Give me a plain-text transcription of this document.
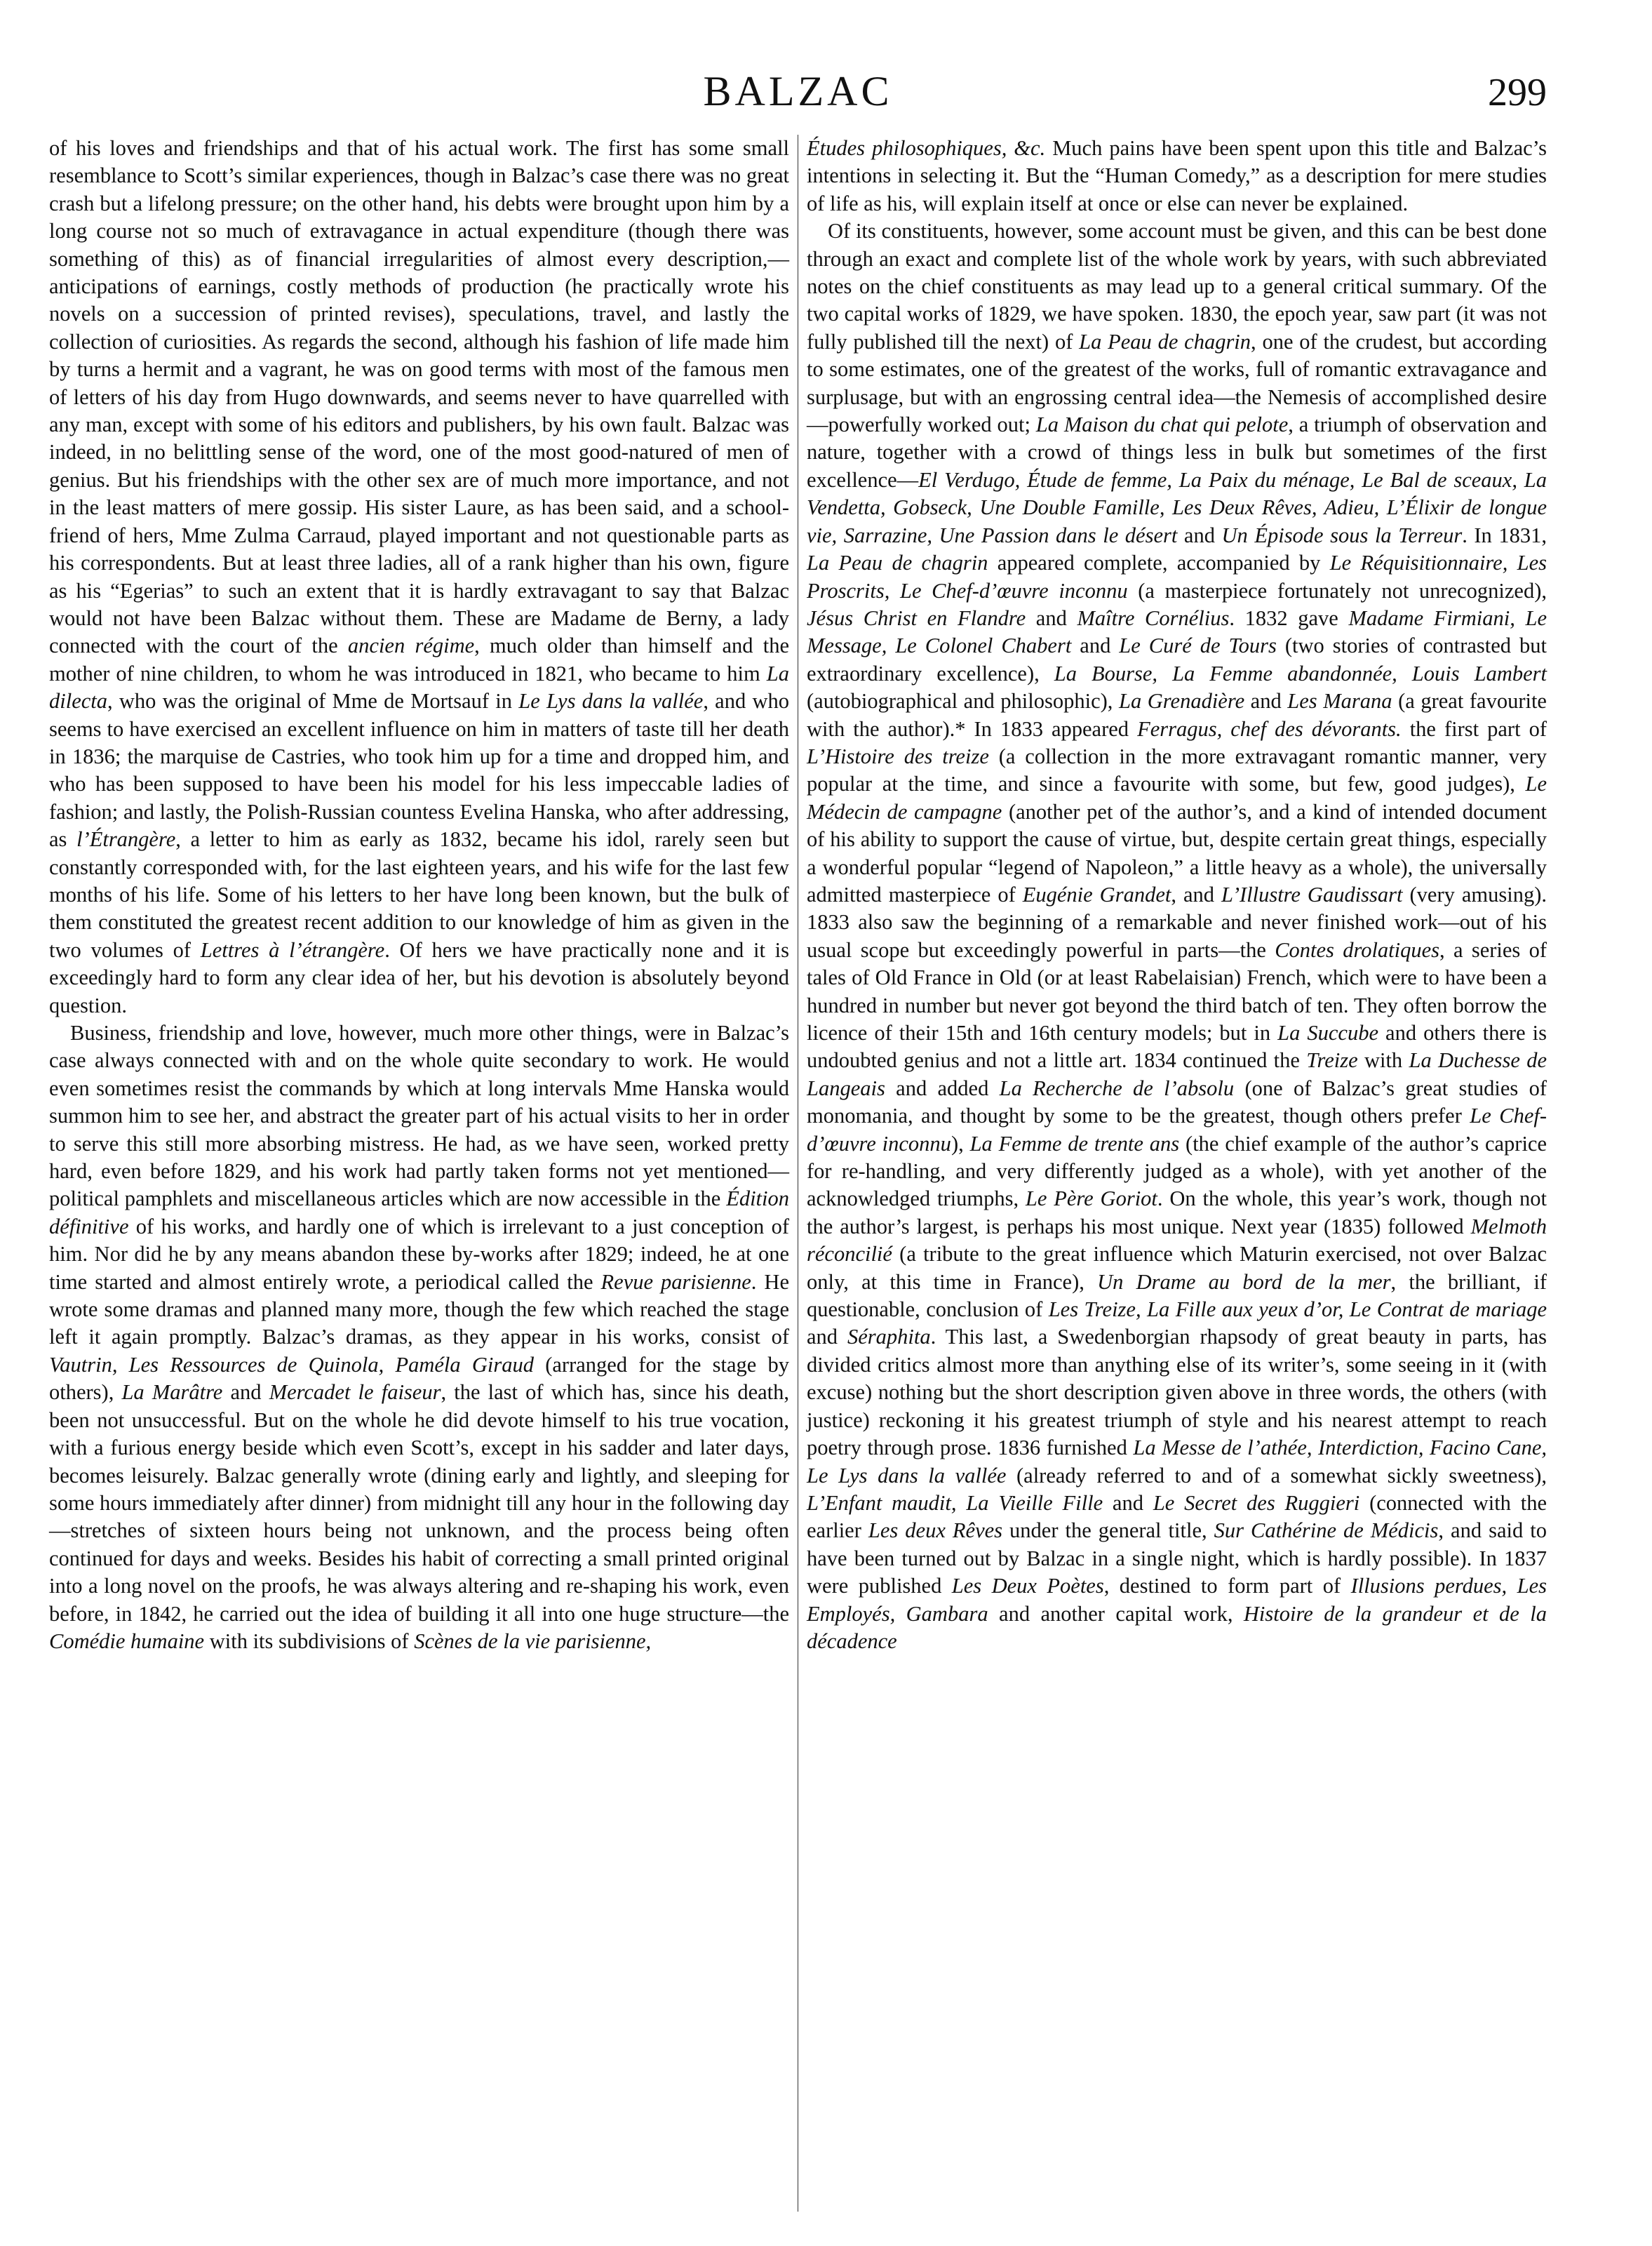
BALZAC	299

of his loves and friendships and that of his actual work. The first has some small resemblance to Scott’s similar experiences, though in Balzac’s case there was no great crash but a lifelong pressure; on the other hand, his debts were brought upon him by a long course not so much of extravagance in actual expenditure (though there was something of this) as of financial irregularities of almost every description,—anticipations of earnings, costly methods of production (he practically wrote his novels on a succession of printed revises), speculations, travel, and lastly the collection of curiosities. As regards the second, although his fashion of life made him by turns a hermit and a vagrant, he was on good terms with most of the famous men of letters of his day from Hugo downwards, and seems never to have quarrelled with any man, except with some of his editors and publishers, by his own fault. Balzac was indeed, in no belittling sense of the word, one of the most good-natured of men of genius. But his friendships with the other sex are of much more importance, and not in the least matters of mere gossip. His sister Laure, as has been said, and a school-friend of hers, Mme Zulma Carraud, played important and not questionable parts as his correspondents. But at least three ladies, all of a rank higher than his own, figure as his “Egerias” to such an extent that it is hardly extravagant to say that Balzac would not have been Balzac without them. These are Madame de Berny, a lady connected with the court of the ancien régime, much older than himself and the mother of nine children, to whom he was introduced in 1821, who became to him La dilecta, who was the original of Mme de Mortsauf in Le Lys dans la vallée, and who seems to have exercised an excellent influence on him in matters of taste till her death in 1836; the marquise de Castries, who took him up for a time and dropped him, and who has been supposed to have been his model for his less impeccable ladies of fashion; and lastly, the Polish-Russian countess Evelina Hanska, who after addressing, as l’Étrangère, a letter to him as early as 1832, became his idol, rarely seen but constantly corresponded with, for the last eighteen years, and his wife for the last few months of his life. Some of his letters to her have long been known, but the bulk of them constituted the greatest recent addition to our knowledge of him as given in the two volumes of Lettres à l’étrangère. Of hers we have practically none and it is exceedingly hard to form any clear idea of her, but his devotion is absolutely beyond question.

Business, friendship and love, however, much more other things, were in Balzac’s case always connected with and on the whole quite secondary to work. He would even sometimes resist the commands by which at long intervals Mme Hanska would summon him to see her, and abstract the greater part of his actual visits to her in order to serve this still more absorbing mistress. He had, as we have seen, worked pretty hard, even before 1829, and his work had partly taken forms not yet mentioned—political pamphlets and miscellaneous articles which are now accessible in the Édition définitive of his works, and hardly one of which is irrelevant to a just conception of him. Nor did he by any means abandon these by-works after 1829; indeed, he at one time started and almost entirely wrote, a periodical called the Revue parisienne. He wrote some dramas and planned many more, though the few which reached the stage left it again promptly. Balzac’s dramas, as they appear in his works, consist of Vautrin, Les Ressources de Quinola, Paméla Giraud (arranged for the stage by others), La Marâtre and Mercadet le faiseur, the last of which has, since his death, been not unsuccessful. But on the whole he did devote himself to his true vocation, with a furious energy beside which even Scott’s, except in his sadder and later days, becomes leisurely. Balzac generally wrote (dining early and lightly, and sleeping for some hours immediately after dinner) from midnight till any hour in the following day—stretches of sixteen hours being not unknown, and the process being often continued for days and weeks. Besides his habit of correcting a small printed original into a long novel on the proofs, he was always altering and re-shaping his work, even before, in 1842, he carried out the idea of building it all into one huge structure—the Comédie humaine with its subdivisions of Scènes de la vie parisienne,

Études philosophiques, &c. Much pains have been spent upon this title and Balzac’s intentions in selecting it. But the “Human Comedy,” as a description for mere studies of life as his, will explain itself at once or else can never be explained.

Of its constituents, however, some account must be given, and this can be best done through an exact and complete list of the whole work by years, with such abbreviated notes on the chief constituents as may lead up to a general critical summary. Of the two capital works of 1829, we have spoken. 1830, the epoch year, saw part (it was not fully published till the next) of La Peau de chagrin, one of the crudest, but according to some estimates, one of the greatest of the works, full of romantic extravagance and surplusage, but with an engrossing central idea—the Nemesis of accomplished desire—powerfully worked out; La Maison du chat qui pelote, a triumph of observation and nature, together with a crowd of things less in bulk but sometimes of the first excellence—El Verdugo, Étude de femme, La Paix du ménage, Le Bal de sceaux, La Vendetta, Gobseck, Une Double Famille, Les Deux Rêves, Adieu, L’Élixir de longue vie, Sarrazine, Une Passion dans le désert and Un Épisode sous la Terreur. In 1831, La Peau de chagrin appeared complete, accompanied by Le Réquisitionnaire, Les Proscrits, Le Chef-d’œuvre inconnu (a masterpiece fortunately not unrecognized), Jésus Christ en Flandre and Maître Cornélius. 1832 gave Madame Firmiani, Le Message, Le Colonel Chabert and Le Curé de Tours (two stories of contrasted but extraordinary excellence), La Bourse, La Femme abandonnée, Louis Lambert (autobiographical and philosophic), La Grenadière and Les Marana (a great favourite with the author).* In 1833 appeared Ferragus, chef des dévorants. the first part of L’Histoire des treize (a collection in the more extravagant romantic manner, very popular at the time, and since a favourite with some, but few, good judges), Le Médecin de campagne (another pet of the author’s, and a kind of intended document of his ability to support the cause of virtue, but, despite certain great things, especially a wonderful popular “legend of Napoleon,” a little heavy as a whole), the universally admitted masterpiece of Eugénie Grandet, and L’Illustre Gaudissart (very amusing). 1833 also saw the beginning of a remarkable and never finished work—out of his usual scope but exceedingly powerful in parts—the Contes drolatiques, a series of tales of Old France in Old (or at least Rabelaisian) French, which were to have been a hundred in number but never got beyond the third batch of ten. They often borrow the licence of their 15th and 16th century models; but in La Succube and others there is undoubted genius and not a little art. 1834 continued the Treize with La Duchesse de Langeais and added La Recherche de l’absolu (one of Balzac’s great studies of monomania, and thought by some to be the greatest, though others prefer Le Chef-d’œuvre inconnu), La Femme de trente ans (the chief example of the author’s caprice for re-handling, and very differently judged as a whole), with yet another of the acknowledged triumphs, Le Père Goriot. On the whole, this year’s work, though not the author’s largest, is perhaps his most unique. Next year (1835) followed Melmoth réconcilié (a tribute to the great influence which Maturin exercised, not over Balzac only, at this time in France), Un Drame au bord de la mer, the brilliant, if questionable, conclusion of Les Treize, La Fille aux yeux d’or, Le Contrat de mariage and Séraphita. This last, a Swedenborgian rhapsody of great beauty in parts, has divided critics almost more than anything else of its writer’s, some seeing in it (with excuse) nothing but the short description given above in three words, the others (with justice) reckoning it his greatest triumph of style and his nearest attempt to reach poetry through prose. 1836 furnished La Messe de l’athée, Interdiction, Facino Cane, Le Lys dans la vallée (already referred to and of a somewhat sickly sweetness), L’Enfant maudit, La Vieille Fille and Le Secret des Ruggieri (connected with the earlier Les deux Rêves under the general title, Sur Cathérine de Médicis, and said to have been turned out by Balzac in a single night, which is hardly possible). In 1837 were published Les Deux Poètes, destined to form part of Illusions perdues, Les Employés, Gambara and another capital work, Histoire de la grandeur et de la décadence
